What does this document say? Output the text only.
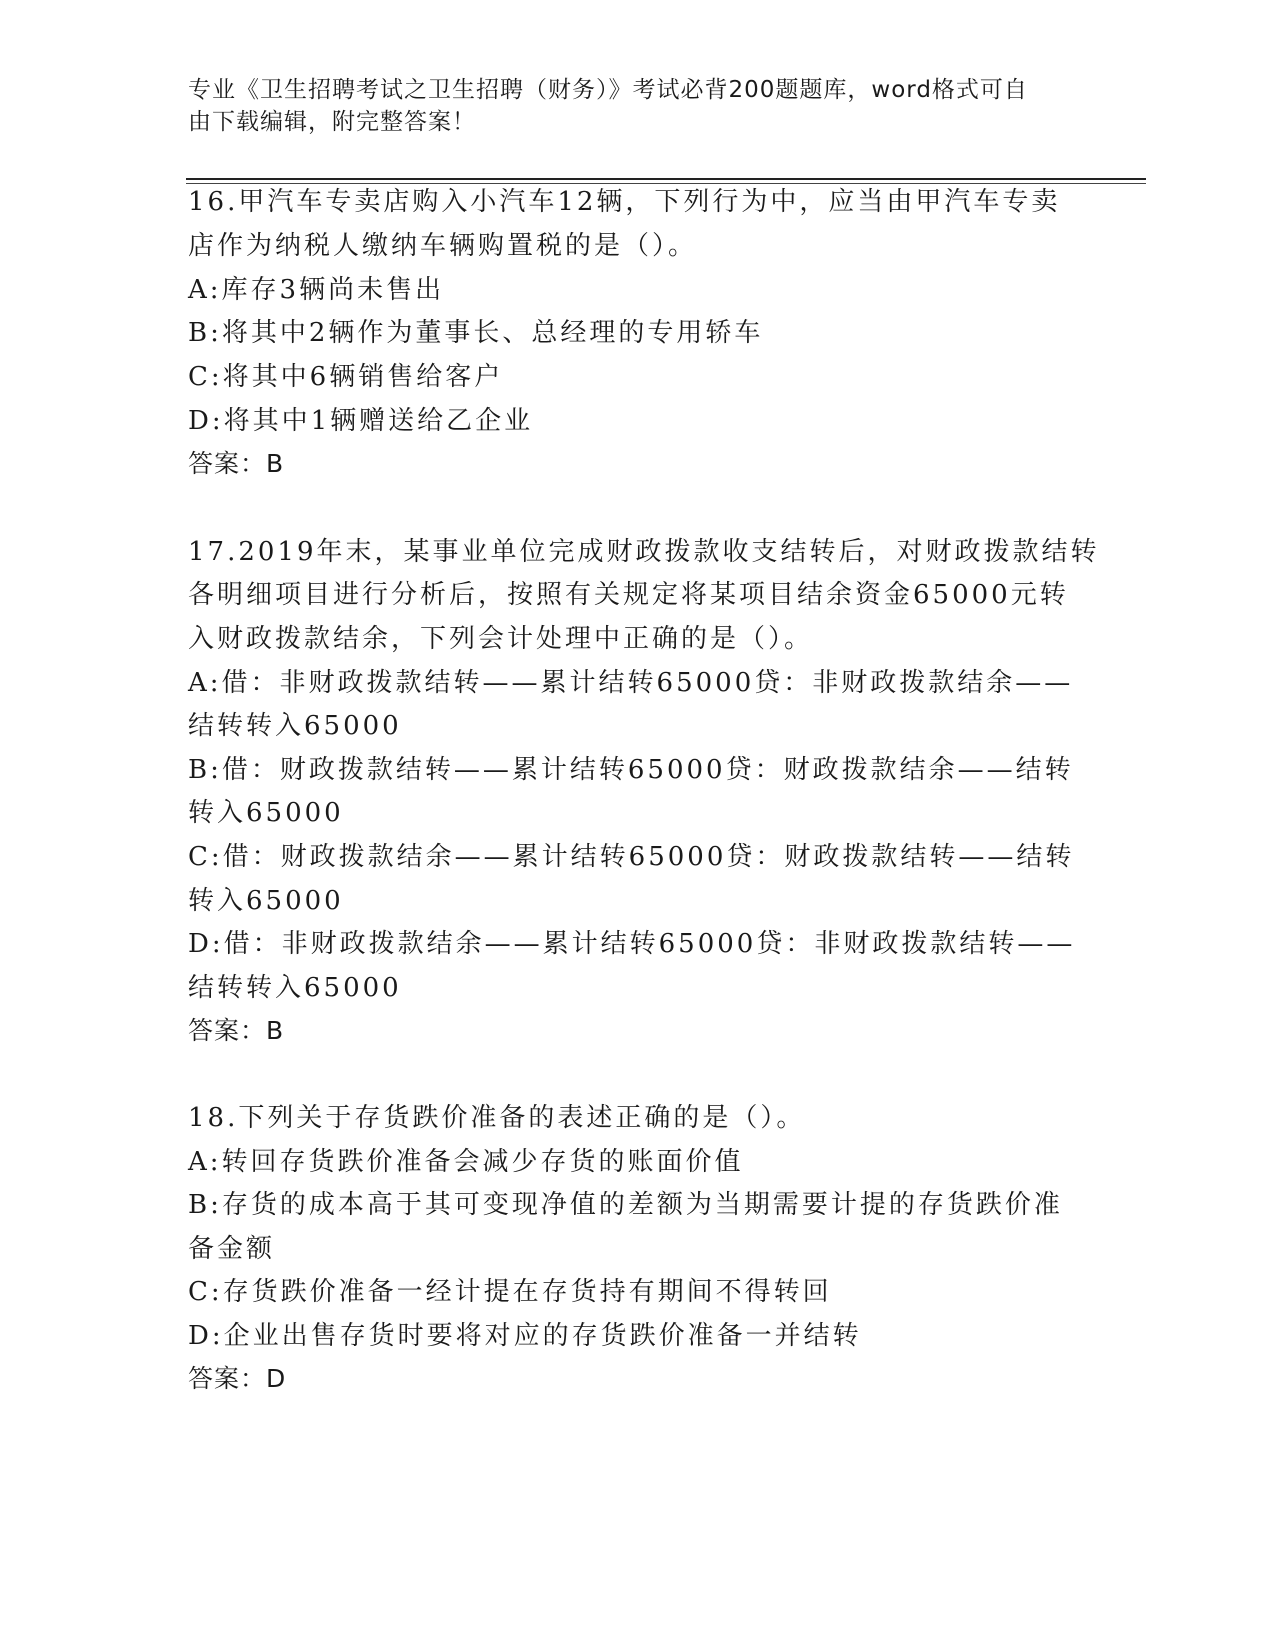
专业《卫生招聘考试之卫生招聘（财务）》考试必背200题题库，word格式可自
由下载编辑，附完整答案！
16.甲汽车专卖店购入小汽车12辆，下列行为中，应当由甲汽车专卖
店作为纳税人缴纳车辆购置税的是（）。
A:库存3辆尚未售出
B:将其中2辆作为董事长、总经理的专用轿车
C:将其中6辆销售给客户
D:将其中1辆赠送给乙企业
答案：B
17.2019年末，某事业单位完成财政拨款收支结转后，对财政拨款结转
各明细项目进行分析后，按照有关规定将某项目结余资金65000元转
入财政拨款结余，下列会计处理中正确的是（）。
A:借：非财政拨款结转——累计结转65000贷：非财政拨款结余——
结转转入65000
B:借：财政拨款结转——累计结转65000贷：财政拨款结余——结转
转入65000
C:借：财政拨款结余——累计结转65000贷：财政拨款结转——结转
转入65000
D:借：非财政拨款结余——累计结转65000贷：非财政拨款结转——
结转转入65000
答案：B
18.下列关于存货跌价准备的表述正确的是（）。
A:转回存货跌价准备会减少存货的账面价值
B:存货的成本高于其可变现净值的差额为当期需要计提的存货跌价准
备金额
C:存货跌价准备一经计提在存货持有期间不得转回
D:企业出售存货时要将对应的存货跌价准备一并结转
答案：D
